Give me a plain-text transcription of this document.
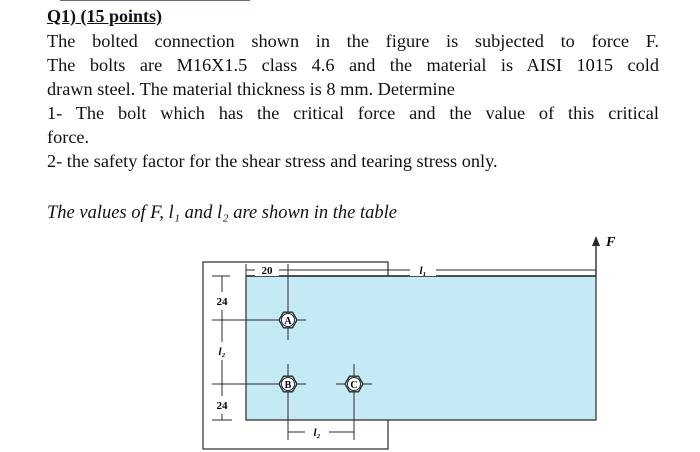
Q1) (15 points)
The bolted connection shown in the figure is subjected to force F.
The bolts are M16X1.5 class 4.6 and the material is AISI 1015 cold
drawn steel. The material thickness is 8 mm. Determine
1- The bolt which has the critical force and the value of this critical
force.
2- the safety factor for the shear stress and tearing stress only.
The values of F, l₁ and l₂ are shown in the table
F
20	l₁
24
l₂
24
l₂
A
B	C
